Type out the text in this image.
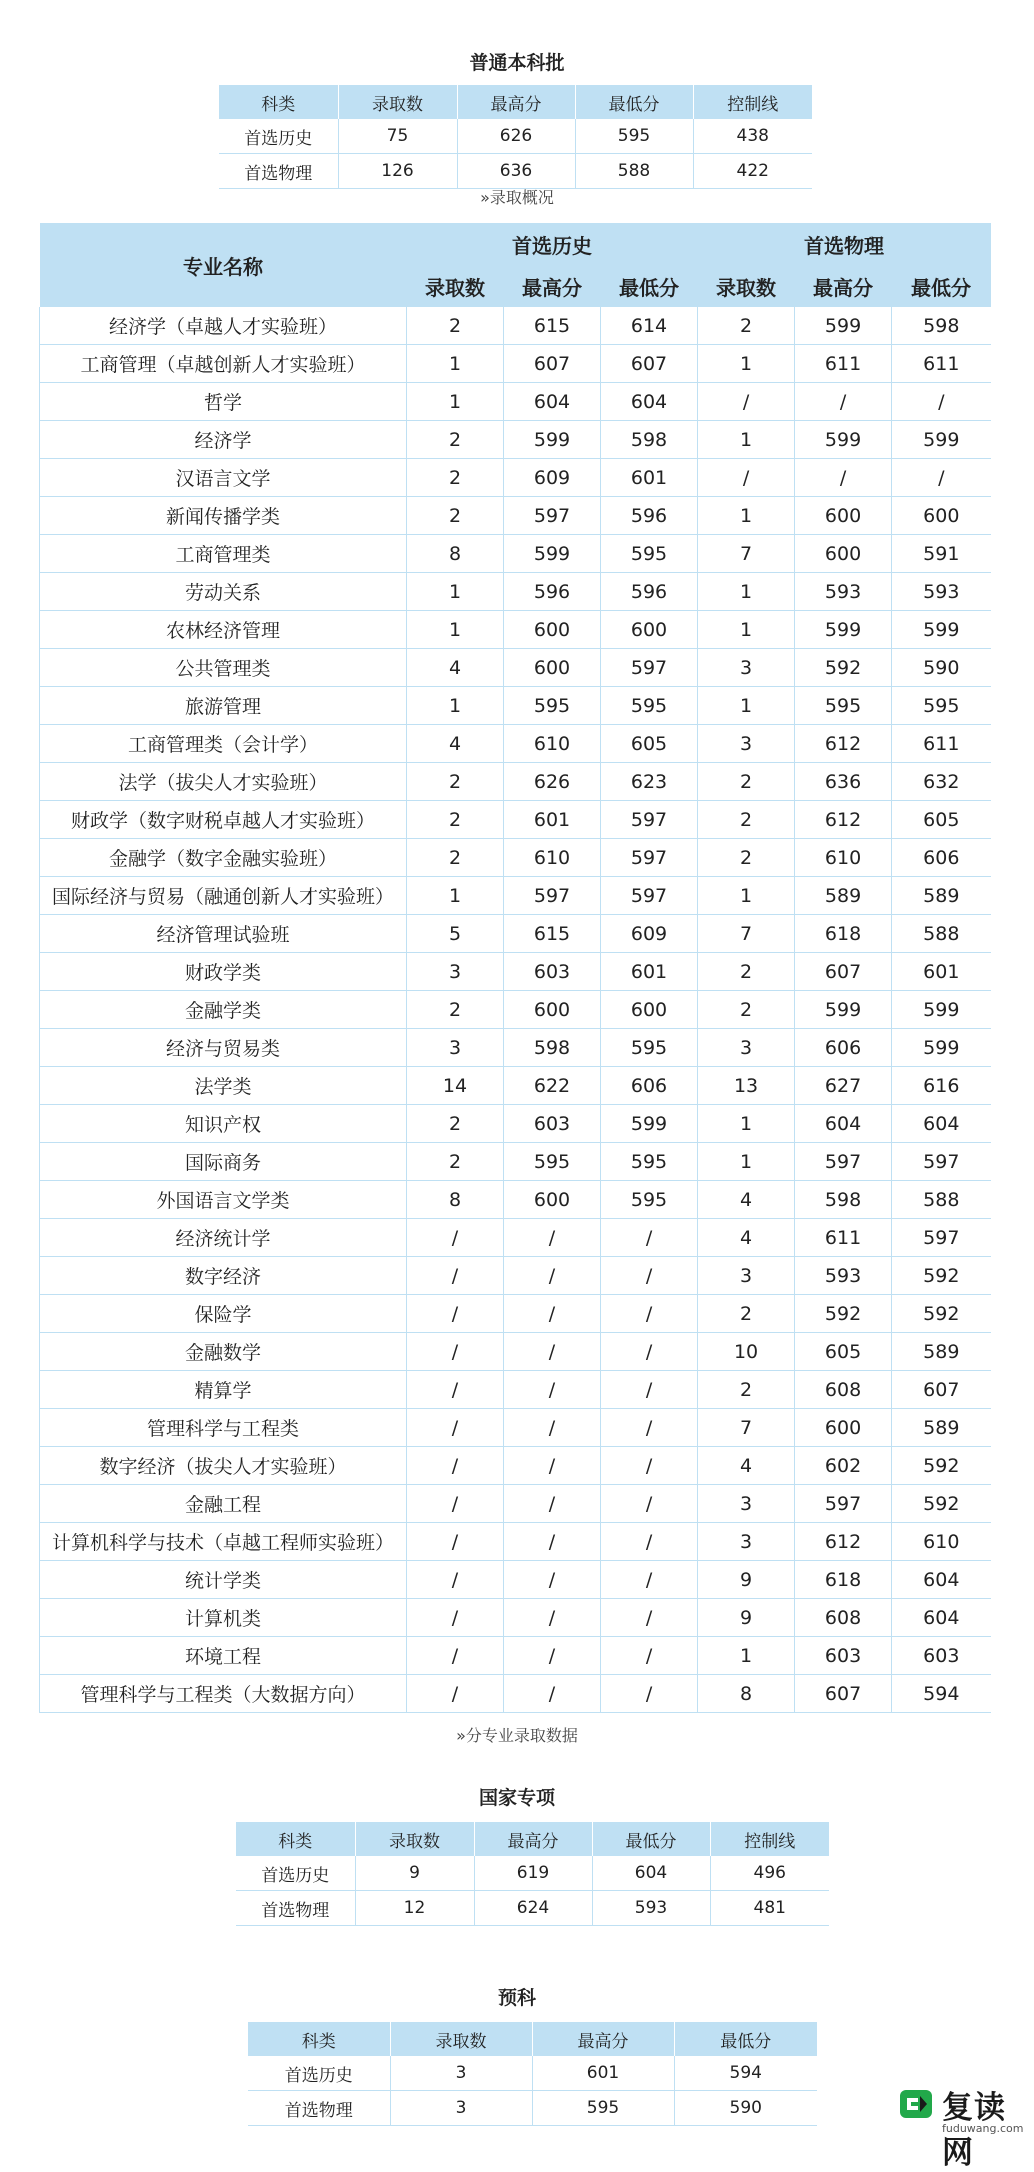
普通本科批
科类	录取数	最高分	最低分	控制线
首选历史	75	626	595	438
首选物理	126	636	588	422
»录取概况
专业名称	首选历史			首选物理		
	录取数	最高分	最低分	录取数	最高分	最低分
经济学（卓越人才实验班）	2	615	614	2	599	598
工商管理（卓越创新人才实验班）	1	607	607	1	611	611
哲学	1	604	604	/	/	/
经济学	2	599	598	1	599	599
汉语言文学	2	609	601	/	/	/
新闻传播学类	2	597	596	1	600	600
工商管理类	8	599	595	7	600	591
劳动关系	1	596	596	1	593	593
农林经济管理	1	600	600	1	599	599
公共管理类	4	600	597	3	592	590
旅游管理	1	595	595	1	595	595
工商管理类（会计学）	4	610	605	3	612	611
法学（拔尖人才实验班）	2	626	623	2	636	632
财政学（数字财税卓越人才实验班）	2	601	597	2	612	605
金融学（数字金融实验班）	2	610	597	2	610	606
国际经济与贸易（融通创新人才实验班）	1	597	597	1	589	589
经济管理试验班	5	615	609	7	618	588
财政学类	3	603	601	2	607	601
金融学类	2	600	600	2	599	599
经济与贸易类	3	598	595	3	606	599
法学类	14	622	606	13	627	616
知识产权	2	603	599	1	604	604
国际商务	2	595	595	1	597	597
外国语言文学类	8	600	595	4	598	588
经济统计学	/	/	/	4	611	597
数字经济	/	/	/	3	593	592
保险学	/	/	/	2	592	592
金融数学	/	/	/	10	605	589
精算学	/	/	/	2	608	607
管理科学与工程类	/	/	/	7	600	589
数字经济（拔尖人才实验班）	/	/	/	4	602	592
金融工程	/	/	/	3	597	592
计算机科学与技术（卓越工程师实验班）	/	/	/	3	612	610
统计学类	/	/	/	9	618	604
计算机类	/	/	/	9	608	604
环境工程	/	/	/	1	603	603
管理科学与工程类（大数据方向）	/	/	/	8	607	594
»分专业录取数据
国家专项
科类	录取数	最高分	最低分	控制线
首选历史	9	619	604	496
首选物理	12	624	593	481
预科
科类	录取数	最高分	最低分
首选历史	3	601	594
首选物理	3	595	590	复读网
fuduwang.com
